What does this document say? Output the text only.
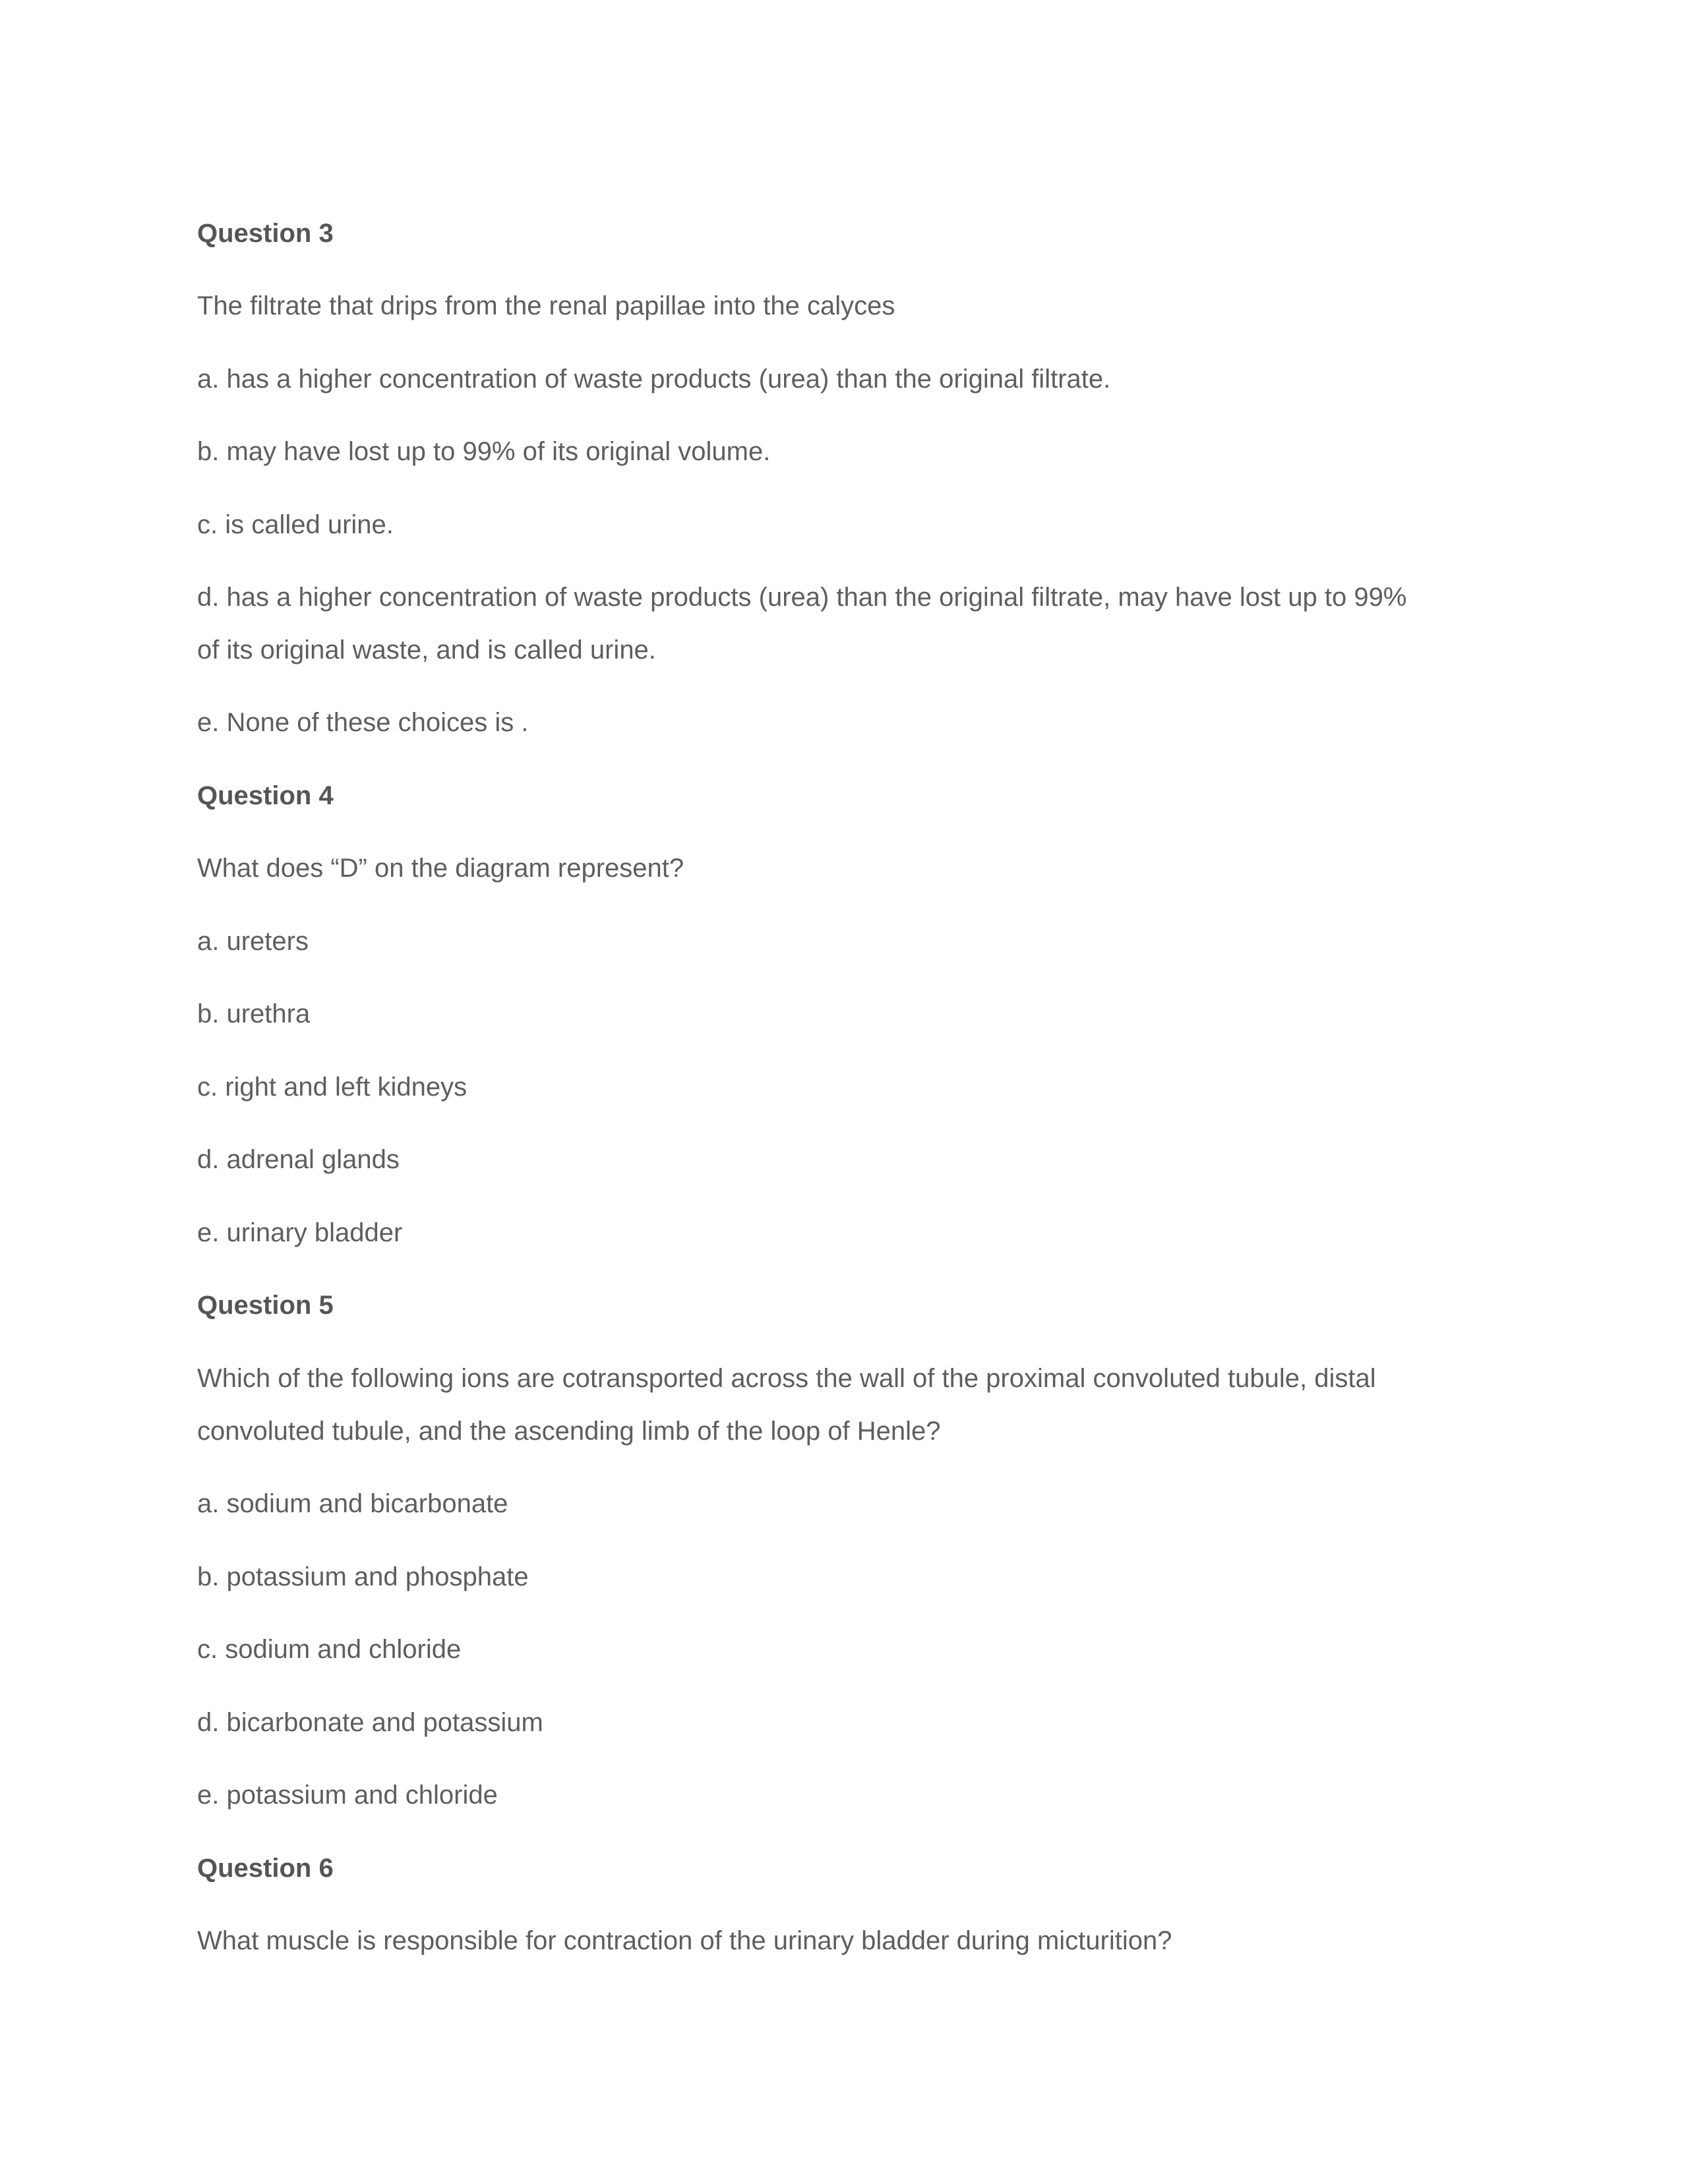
Question 3
The filtrate that drips from the renal papillae into the calyces
a. has a higher concentration of waste products (urea) than the original filtrate.
b. may have lost up to 99% of its original volume.
c. is called urine.
d. has a higher concentration of waste products (urea) than the original filtrate, may have lost up to 99%
of its original waste, and is called urine.
e. None of these choices is .
Question 4
What does “D” on the diagram represent?
a. ureters
b. urethra
c. right and left kidneys
d. adrenal glands
e. urinary bladder
Question 5
Which of the following ions are cotransported across the wall of the proximal convoluted tubule, distal
convoluted tubule, and the ascending limb of the loop of Henle?
a. sodium and bicarbonate
b. potassium and phosphate
c. sodium and chloride
d. bicarbonate and potassium
e. potassium and chloride
Question 6
What muscle is responsible for contraction of the urinary bladder during micturition?
